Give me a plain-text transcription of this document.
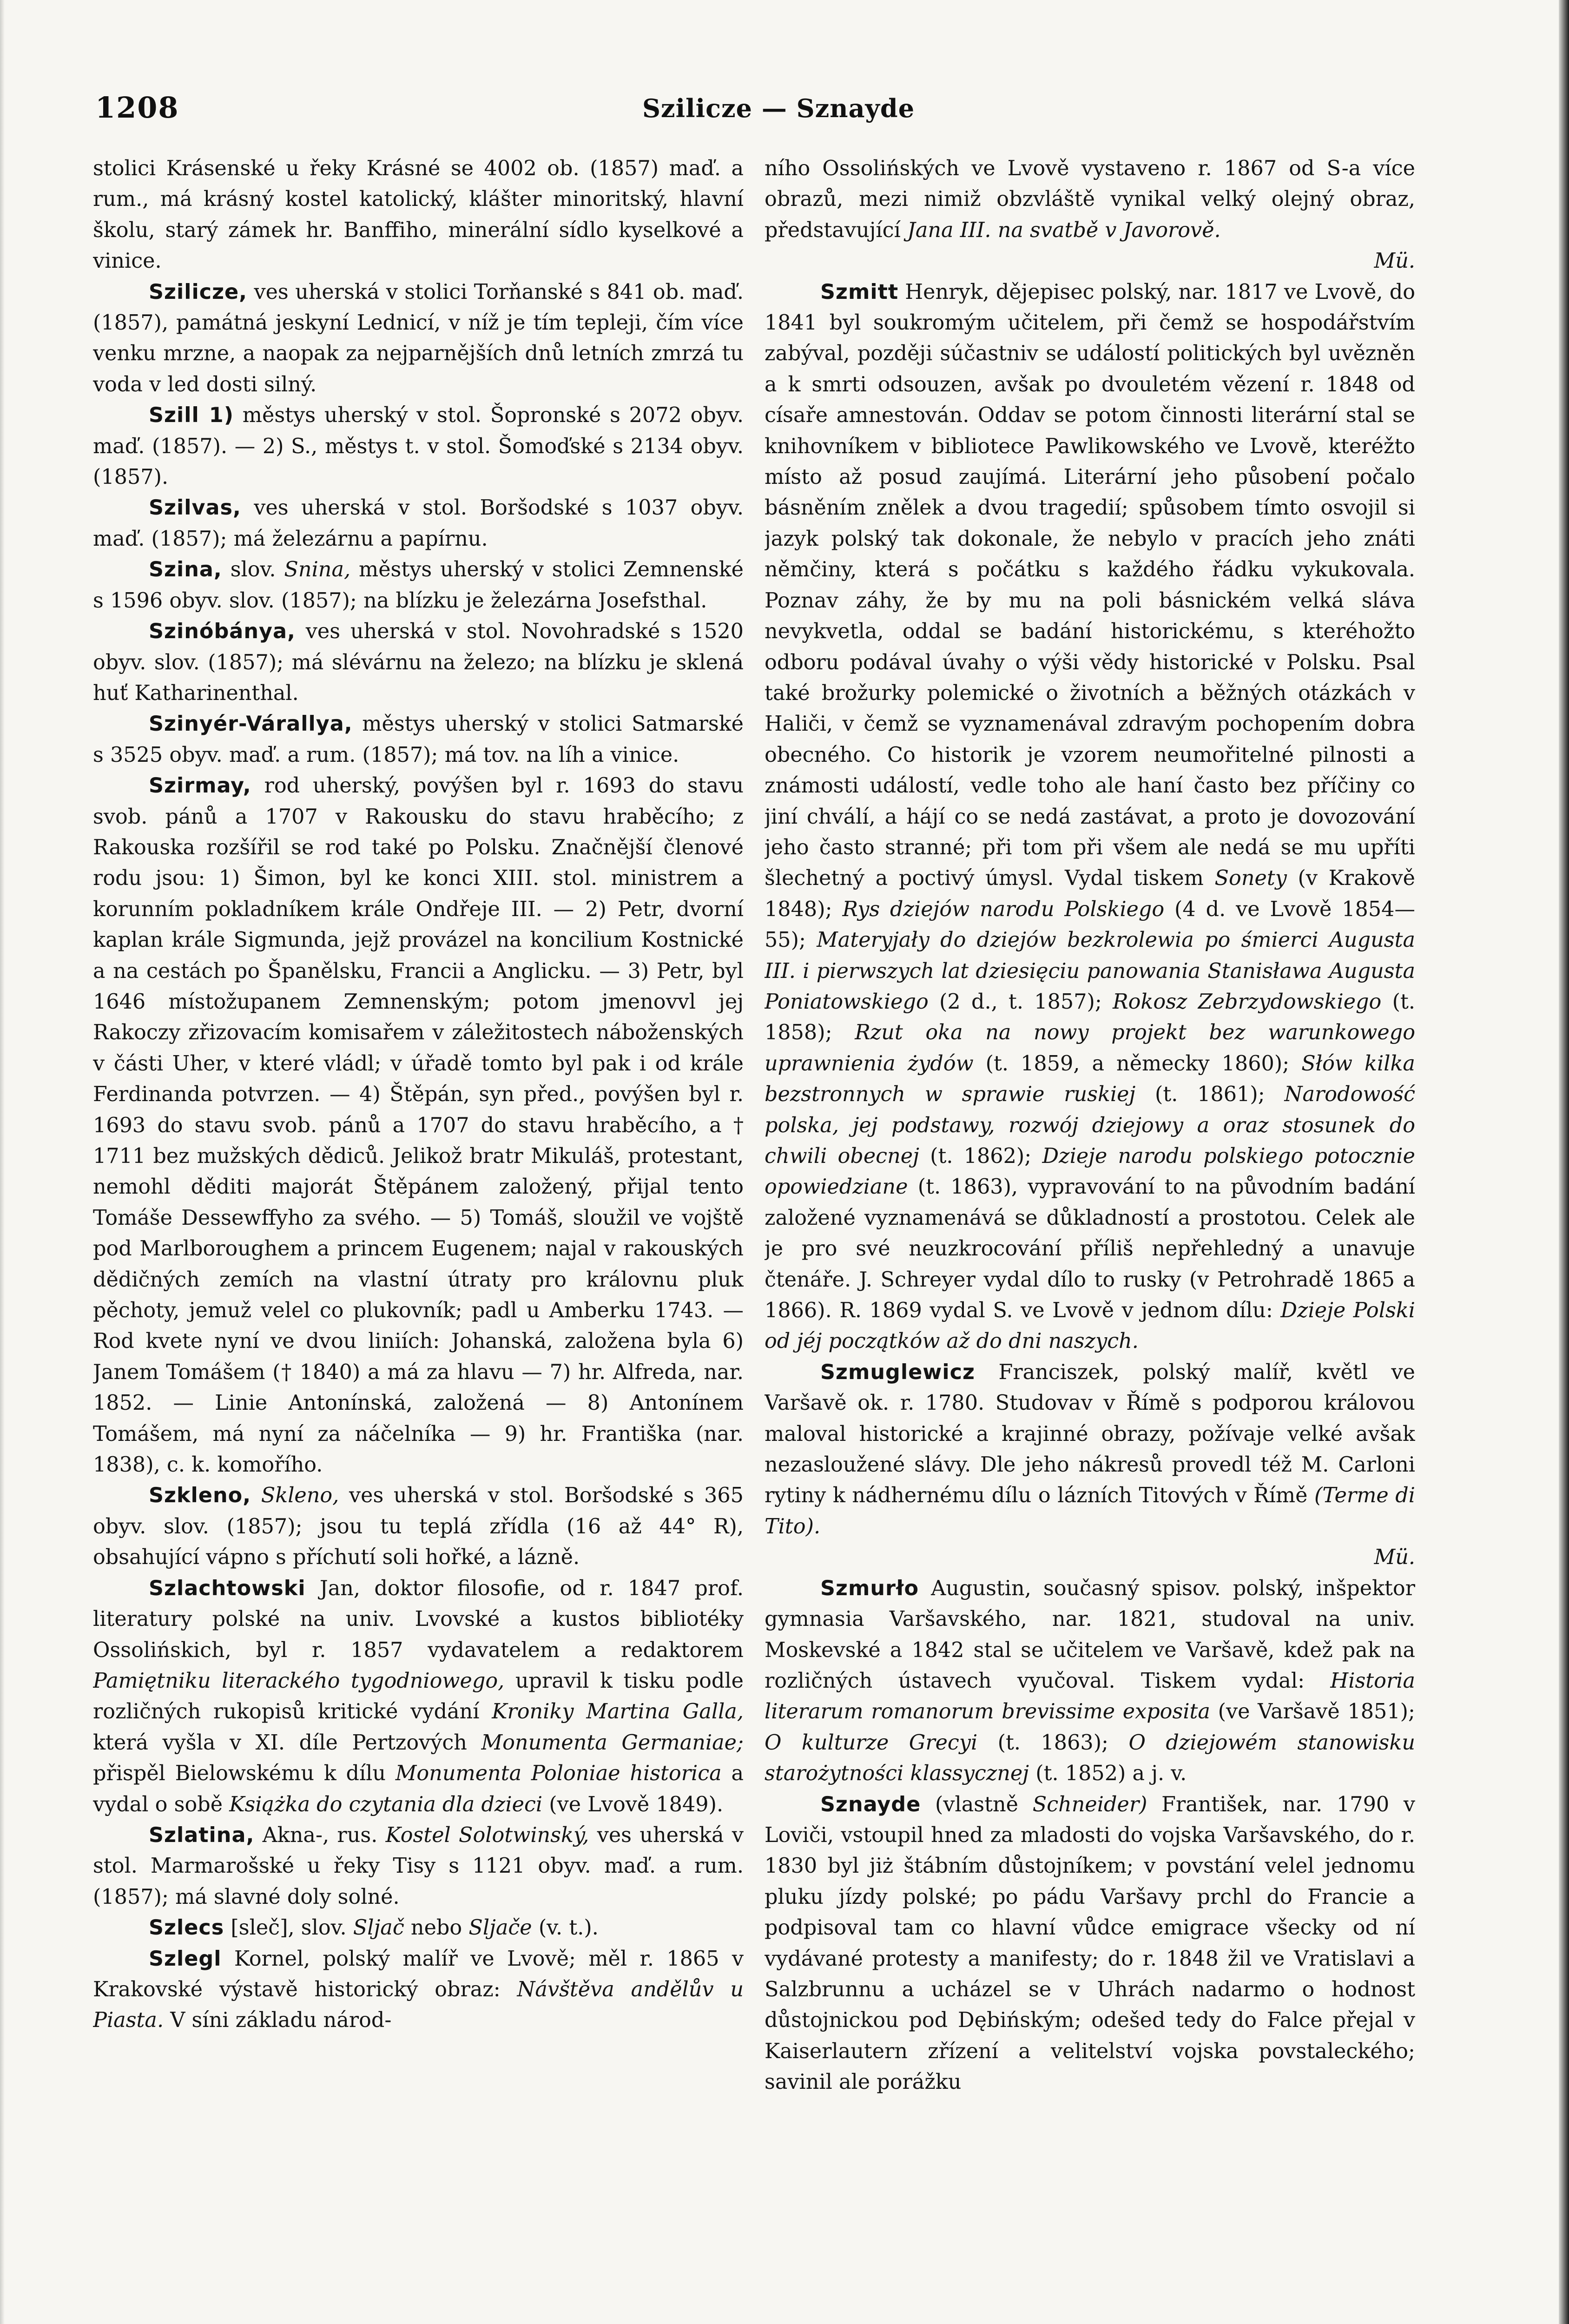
1208	Szilicze — Sznayde

stolici Krásenské u řeky Krásné se 4002 ob. (1857) maď. a rum., má krásný kostel katolický, klášter minoritský, hlavní školu, starý zámek hr. Banffiho, minerální sídlo kyselkové a vinice.

Szilicze, ves uherská v stolici Torňanské s 841 ob. maď. (1857), památná jeskyní Lednicí, v níž je tím tepleji, čím více venku mrzne, a naopak za nejparnějších dnů letních zmrzá tu voda v led dosti silný.

Szill 1) městys uherský v stol. Šopronské s 2072 obyv. maď. (1857). — 2) S., městys t. v stol. Šomoďské s 2134 obyv. (1857).

Szilvas, ves uherská v stol. Boršodské s 1037 obyv. maď. (1857); má železárnu a papírnu.

Szina, slov. Snina, městys uherský v stolici Zemnenské s 1596 obyv. slov. (1857); na blízku je železárna Josefsthal.

Szinóbánya, ves uherská v stol. Novohradské s 1520 obyv. slov. (1857); má slévárnu na železo; na blízku je sklená huť Katharinenthal.

Szinyér-Várallya, městys uherský v stolici Satmarské s 3525 obyv. maď. a rum. (1857); má tov. na líh a vinice.

Szirmay, rod uherský, povýšen byl r. 1693 do stavu svob. pánů a 1707 v Rakousku do stavu hraběcího; z Rakouska rozšířil se rod také po Polsku. Značnější členové rodu jsou: 1) Šimon, byl ke konci XIII. stol. ministrem a korunním pokladníkem krále Ondřeje III. — 2) Petr, dvorní kaplan krále Sigmunda, jejž provázel na koncilium Kostnické a na cestách po Španělsku, Francii a Anglicku. — 3) Petr, byl 1646 místožupanem Zemnenským; potom jmenovvl jej Rakoczy zřizovacím komisařem v záležitostech náboženských v části Uher, v které vládl; v úřadě tomto byl pak i od krále Ferdinanda potvrzen. — 4) Štěpán, syn před., povýšen byl r. 1693 do stavu svob. pánů a 1707 do stavu hraběcího, a † 1711 bez mužských dědiců. Jelikož bratr Mikuláš, protestant, nemohl děditi majorát Štěpánem založený, přijal tento Tomáše Dessewffyho za svého. — 5) Tomáš, sloužil ve vojště pod Marlboroughem a princem Eugenem; najal v rakouských dědičných zemích na vlastní útraty pro královnu pluk pěchoty, jemuž velel co plukovník; padl u Amberku 1743. — Rod kvete nyní ve dvou liniích: Johanská, založena byla 6) Janem Tomášem († 1840) a má za hlavu — 7) hr. Alfreda, nar. 1852. — Linie Antonínská, založená — 8) Antonínem Tomášem, má nyní za náčelníka — 9) hr. Františka (nar. 1838), c. k. komořího.

Szkleno, Skleno, ves uherská v stol. Boršodské s 365 obyv. slov. (1857); jsou tu teplá zřídla (16 až 44° R), obsahující vápno s příchutí soli hořké, a lázně.

Szlachtowski Jan, doktor filosofie, od r. 1847 prof. literatury polské na univ. Lvovské a kustos bibliotéky Ossolińskich, byl r. 1857 vydavatelem a redaktorem Pamiętniku literackého tygodniowego, upravil k tisku podle rozličných rukopisů kritické vydání Kroniky Martina Galla, která vyšla v XI. díle Pertzových Monumenta Germaniae; přispěl Bielowskému k dílu Monumenta Poloniae historica a vydal o sobě Książka do czytania dla dzieci (ve Lvově 1849).

Szlatina, Akna-, rus. Kostel Solotwinský, ves uherská v stol. Marmarošské u řeky Tisy s 1121 obyv. maď. a rum. (1857); má slavné doly solné.

Szlecs [sleč], slov. Sljač nebo Sljače (v. t.).

Szlegl Kornel, polský malíř ve Lvově; měl r. 1865 v Krakovské výstavě historický obraz: Návštěva andělův u Piasta. V síni základu národ-

ního Ossolińských ve Lvově vystaveno r. 1867 od S-a více obrazů, mezi nimiž obzvláště vynikal velký olejný obraz, představující Jana III. na svatbě v Javorově.

Mü.

Szmitt Henryk, dějepisec polský, nar. 1817 ve Lvově, do 1841 byl soukromým učitelem, při čemž se hospodářstvím zabýval, později súčastniv se událostí politických byl uvězněn a k smrti odsouzen, avšak po dvouletém vězení r. 1848 od císaře amnestován. Oddav se potom činnosti literární stal se knihovníkem v bibliotece Pawlikowského ve Lvově, kteréžto místo až posud zaujímá. Literární jeho působení počalo básněním znělek a dvou tragedií; spůsobem tímto osvojil si jazyk polský tak dokonale, že nebylo v pracích jeho znáti němčiny, která s počátku s každého řádku vykukovala. Poznav záhy, že by mu na poli básnickém velká sláva nevykvetla, oddal se badání historickému, s kteréhožto odboru podával úvahy o výši vědy historické v Polsku. Psal také brožurky polemické o životních a běžných otázkách v Haliči, v čemž se vyznamenával zdravým pochopením dobra obecného. Co historik je vzorem neumořitelné pilnosti a známosti událostí, vedle toho ale haní často bez příčiny co jiní chválí, a hájí co se nedá zastávat, a proto je dovozování jeho často stranné; při tom při všem ale nedá se mu upříti šlechetný a poctivý úmysl. Vydal tiskem Sonety (v Krakově 1848); Rys dziejów narodu Polskiego (4 d. ve Lvově 1854—55); Materyjały do dziejów bezkrolewia po śmierci Augusta III. i pierwszych lat dziesięciu panowania Stanisława Augusta Poniatowskiego (2 d., t. 1857); Rokosz Zebrzydowskiego (t. 1858); Rzut oka na nowy projekt bez warunkowego uprawnienia żydów (t. 1859, a německy 1860); Słów kilka bezstronnych w sprawie ruskiej (t. 1861); Narodowość polska, jej podstawy, rozwój dziejowy a oraz stosunek do chwili obecnej (t. 1862); Dzieje narodu polskiego potocznie opowiedziane (t. 1863), vypravování to na původním badání založené vyznamenává se důkladností a prostotou. Celek ale je pro své neuzkrocování příliš nepřehledný a unavuje čtenáře. J. Schreyer vydal dílo to rusky (v Petrohradě 1865 a 1866). R. 1869 vydal S. ve Lvově v jednom dílu: Dzieje Polski od jéj początków až do dni naszych.

Szmuglewicz Franciszek, polský malíř, květl ve Varšavě ok. r. 1780. Studovav v Římě s podporou královou maloval historické a krajinné obrazy, požívaje velké avšak nezasloužené slávy. Dle jeho nákresů provedl též M. Carloni rytiny k nádhernému dílu o lázních Titových v Římě (Terme di Tito).

Mü.

Szmurło Augustin, současný spisov. polský, inšpektor gymnasia Varšavského, nar. 1821, studoval na univ. Moskevské a 1842 stal se učitelem ve Varšavě, kdež pak na rozličných ústavech vyučoval. Tiskem vydal: Historia literarum romanorum brevissime exposita (ve Varšavě 1851); O kulturze Grecyi (t. 1863); O dziejowém stanowisku starożytności klassycznej (t. 1852) a j. v.

Sznayde (vlastně Schneider) František, nar. 1790 v Loviči, vstoupil hned za mladosti do vojska Varšavského, do r. 1830 byl jiż štábním důstojníkem; v povstání velel jednomu pluku jízdy polské; po pádu Varšavy prchl do Francie a podpisoval tam co hlavní vůdce emigrace všecky od ní vydávané protesty a manifesty; do r. 1848 žil ve Vratislavi a Salzbrunnu a ucházel se v Uhrách nadarmo o hodnost důstojnickou pod Dębińským; odešed tedy do Falce přejal v Kaiserlautern zřízení a velitelství vojska povstaleckého; savinil ale porážku
